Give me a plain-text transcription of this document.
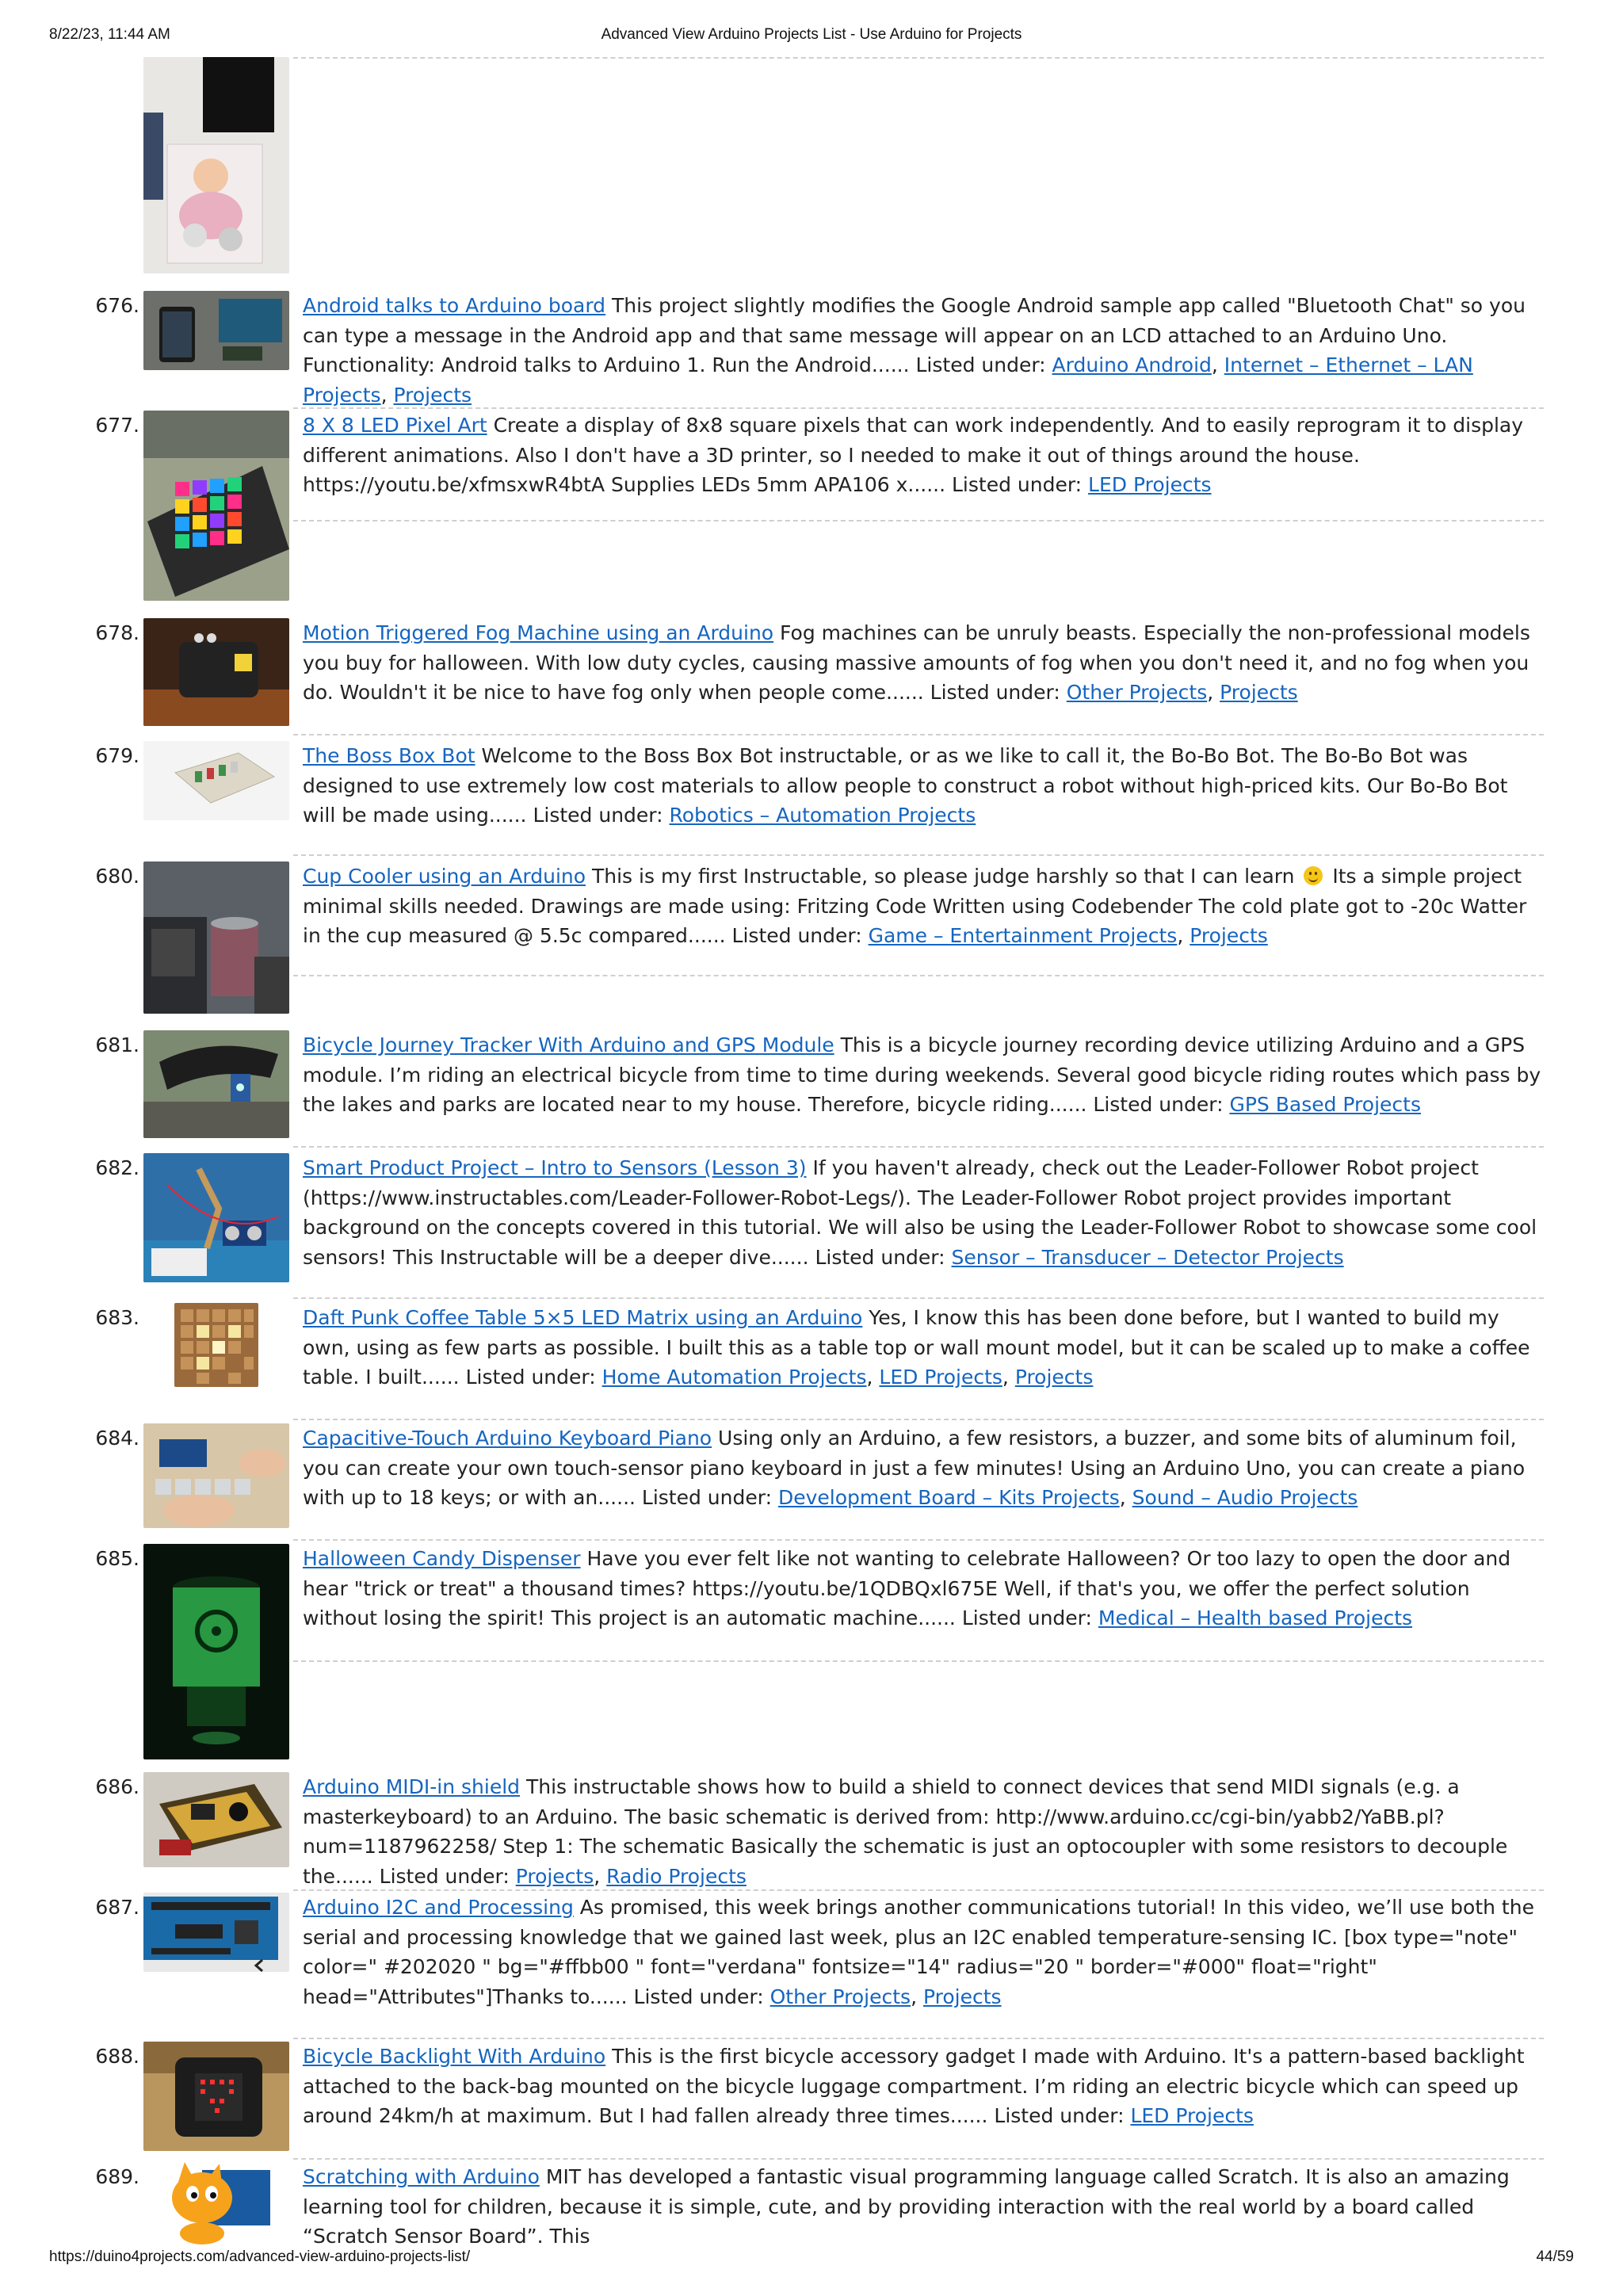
8/22/23, 11:44 AM	Advanced View Arduino Projects List - Use Arduino for Projects
676.	Android talks to Arduino board This project slightly modifies the Google Android sample app called "Bluetooth Chat" so you can type a message in the Android app and that same message will appear on an LCD attached to an Arduino Uno. Functionality: Android talks to Arduino 1. Run the Android...... Listed under: Arduino Android, Internet – Ethernet – LAN Projects, Projects
677.	8 X 8 LED Pixel Art Create a display of 8x8 square pixels that can work independently. And to easily reprogram it to display different animations. Also I don't have a 3D printer, so I needed to make it out of things around the house. https://youtu.be/xfmsxwR4btA Supplies LEDs 5mm APA106 x...... Listed under: LED Projects
678.	Motion Triggered Fog Machine using an Arduino Fog machines can be unruly beasts. Especially the non-professional models you buy for halloween. With low duty cycles, causing massive amounts of fog when you don't need it, and no fog when you do. Wouldn't it be nice to have fog only when people come...... Listed under: Other Projects, Projects
679.	The Boss Box Bot Welcome to the Boss Box Bot instructable, or as we like to call it, the Bo-Bo Bot. The Bo-Bo Bot was designed to use extremely low cost materials to allow people to construct a robot without high-priced kits. Our Bo-Bo Bot will be made using...... Listed under: Robotics – Automation Projects
680.	Cup Cooler using an Arduino This is my first Instructable, so please judge harshly so that I can learn
Its a simple project minimal skills needed. Drawings are made using: Fritzing Code Written using Codebender The cold plate got to -20c Watter in the cup measured @ 5.5c compared...... Listed under: Game – Entertainment Projects, Projects
681.	Bicycle Journey Tracker With Arduino and GPS Module This is a bicycle journey recording device utilizing Arduino and a GPS module. I’m riding an electrical bicycle from time to time during weekends. Several good bicycle riding routes which pass by the lakes and parks are located near to my house. Therefore, bicycle riding...... Listed under: GPS Based Projects
682.	Smart Product Project – Intro to Sensors (Lesson 3) If you haven't already, check out the Leader-Follower Robot project (https://www.instructables.com/Leader-Follower-Robot-Legs/). The Leader-Follower Robot project provides important background on the concepts covered in this tutorial. We will also be using the Leader-Follower Robot to showcase some cool sensors! This Instructable will be a deeper dive...... Listed under: Sensor – Transducer – Detector Projects
683.	Daft Punk Coffee Table 5×5 LED Matrix using an Arduino Yes, I know this has been done before, but I wanted to build my own, using as few parts as possible. I built this as a table top or wall mount model, but it can be scaled up to make a coffee table. I built...... Listed under: Home Automation Projects, LED Projects, Projects
684.	Capacitive-Touch Arduino Keyboard Piano Using only an Arduino, a few resistors, a buzzer, and some bits of aluminum foil, you can create your own touch-sensor piano keyboard in just a few minutes! Using an Arduino Uno, you can create a piano with up to 18 keys; or with an...... Listed under: Development Board – Kits Projects, Sound – Audio Projects
685.	Halloween Candy Dispenser Have you ever felt like not wanting to celebrate Halloween? Or too lazy to open the door and hear "trick or treat" a thousand times? https://youtu.be/1QDBQxl675E Well, if that's you, we offer the perfect solution without losing the spirit! This project is an automatic machine...... Listed under: Medical – Health based Projects
686.	Arduino MIDI-in shield This instructable shows how to build a shield to connect devices that send MIDI signals (e.g. a masterkeyboard) to an Arduino. The basic schematic is derived from: http://www.arduino.cc/cgi-bin/yabb2/YaBB.pl?num=1187962258/ Step 1: The schematic Basically the schematic is just an optocoupler with some resistors to decouple the...... Listed under: Projects, Radio Projects
687.	Arduino I2C and Processing As promised, this week brings another communications tutorial! In this video, we’ll use both the serial and processing knowledge that we gained last week, plus an I2C enabled temperature-sensing IC. [box type="note" color=" #202020 " bg="#ffbb00 " font="verdana" fontsize="14" radius="20 " border="#000" float="right" head="Attributes"]Thanks to...... Listed under: Other Projects, Projects
688.	Bicycle Backlight With Arduino This is the first bicycle accessory gadget I made with Arduino. It's a pattern-based backlight attached to the back-bag mounted on the bicycle luggage compartment. I’m riding an electric bicycle which can speed up around 24km/h at maximum. But I had fallen already three times...... Listed under: LED Projects
689.	Scratching with Arduino MIT has developed a fantastic visual programming language called Scratch. It is also an amazing learning tool for children, because it is simple, cute, and by providing interaction with the real world by a board called “Scratch Sensor Board”. This
https://duino4projects.com/advanced-view-arduino-projects-list/	44/59
